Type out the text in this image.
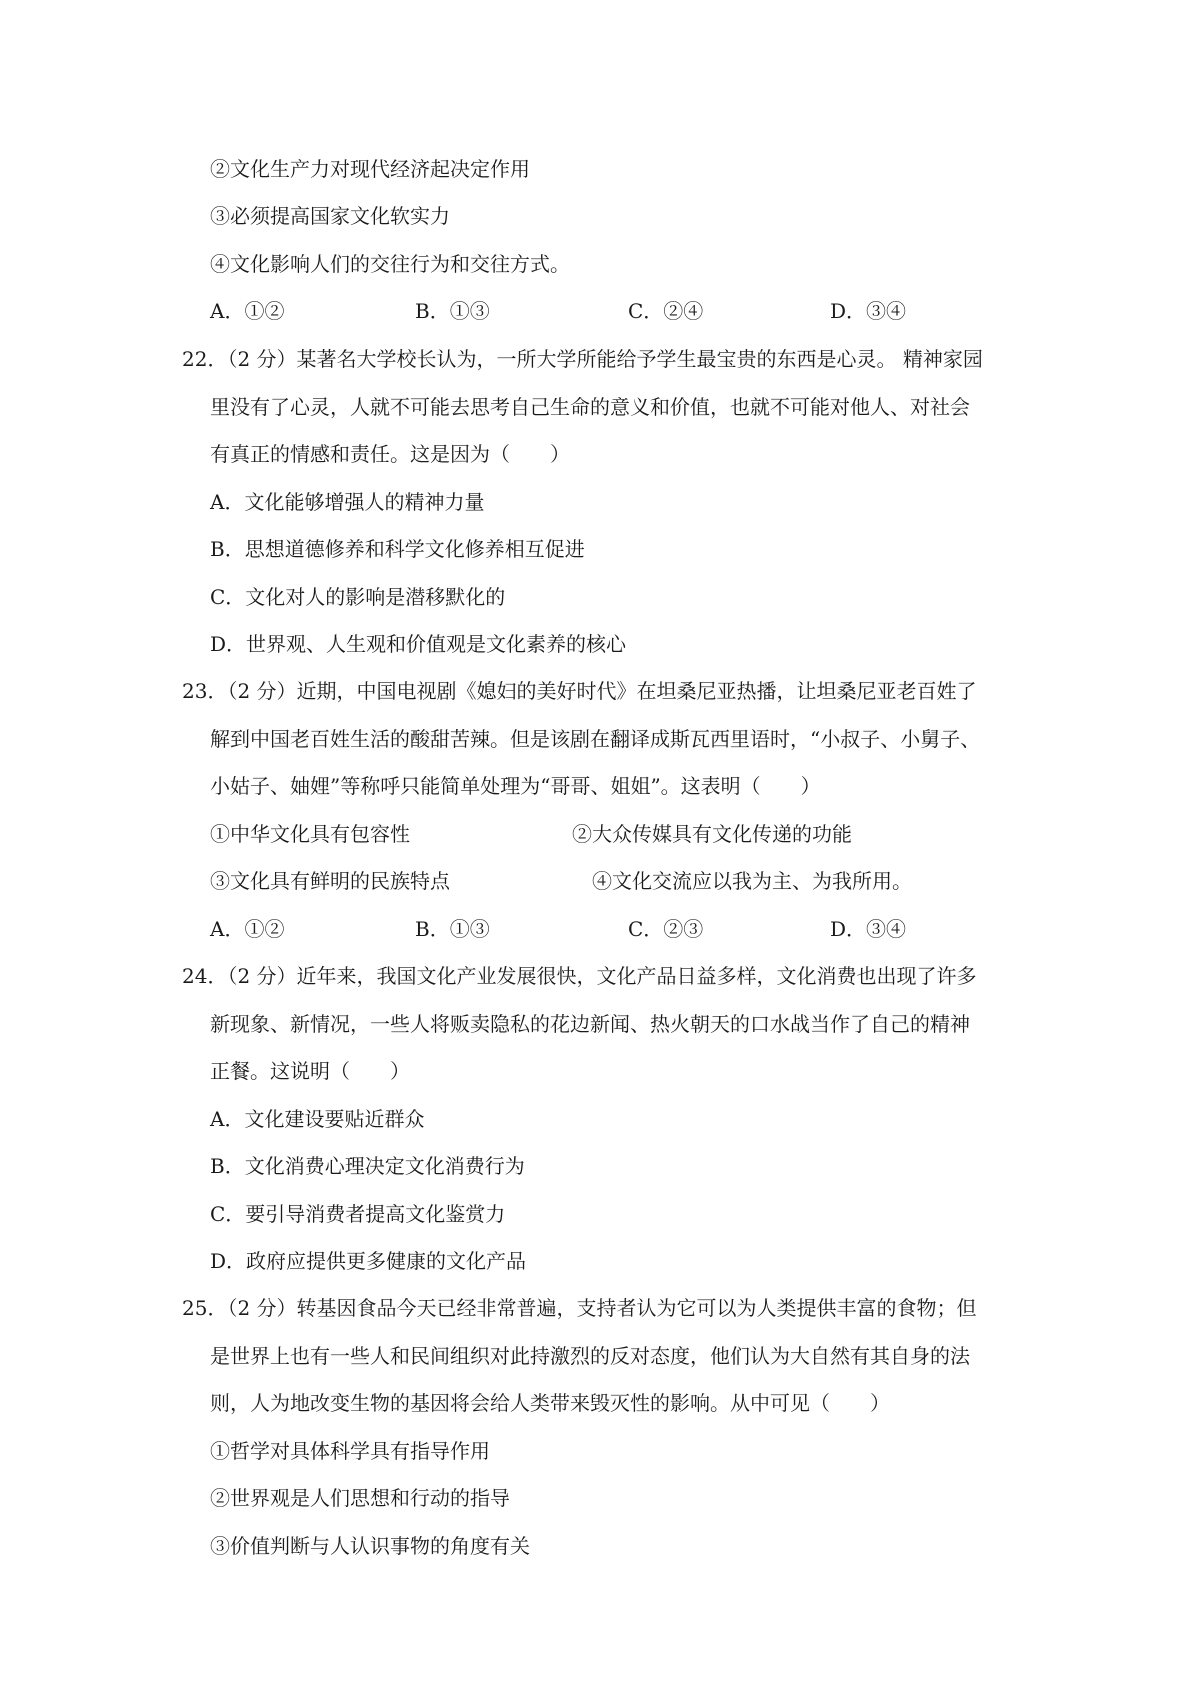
②文化生产力对现代经济起决定作用
③必须提高国家文化软实力
④文化影响人们的交往行为和交往方式。
A．①②	B．①③	C．②④	D．③④
22．（2 分）某著名大学校长认为，一所大学所能给予学生最宝贵的东西是心灵。 精神家园
里没有了心灵，人就不可能去思考自己生命的意义和价值，也就不可能对他人、对社会
有真正的情感和责任。这是因为（　　）
A．文化能够增强人的精神力量
B．思想道德修养和科学文化修养相互促进
C．文化对人的影响是潜移默化的
D．世界观、人生观和价值观是文化素养的核心
23．（2 分）近期，中国电视剧《媳妇的美好时代》在坦桑尼亚热播，让坦桑尼亚老百姓了
解到中国老百姓生活的酸甜苦辣。但是该剧在翻译成斯瓦西里语时，“小叔子、小舅子、
小姑子、妯娌”等称呼只能简单处理为“哥哥、姐姐”。这表明（　　）
①中华文化具有包容性	②大众传媒具有文化传递的功能
③文化具有鲜明的民族特点	④文化交流应以我为主、为我所用。
A．①②	B．①③	C．②③	D．③④
24．（2 分）近年来，我国文化产业发展很快，文化产品日益多样，文化消费也出现了许多
新现象、新情况，一些人将贩卖隐私的花边新闻、热火朝天的口水战当作了自己的精神
正餐。这说明（　　）
A．文化建设要贴近群众
B．文化消费心理决定文化消费行为
C．要引导消费者提高文化鉴赏力
D．政府应提供更多健康的文化产品
25．（2 分）转基因食品今天已经非常普遍，支持者认为它可以为人类提供丰富的食物；但
是世界上也有一些人和民间组织对此持激烈的反对态度，他们认为大自然有其自身的法
则，人为地改变生物的基因将会给人类带来毁灭性的影响。从中可见（　　）
①哲学对具体科学具有指导作用
②世界观是人们思想和行动的指导
③价值判断与人认识事物的角度有关
